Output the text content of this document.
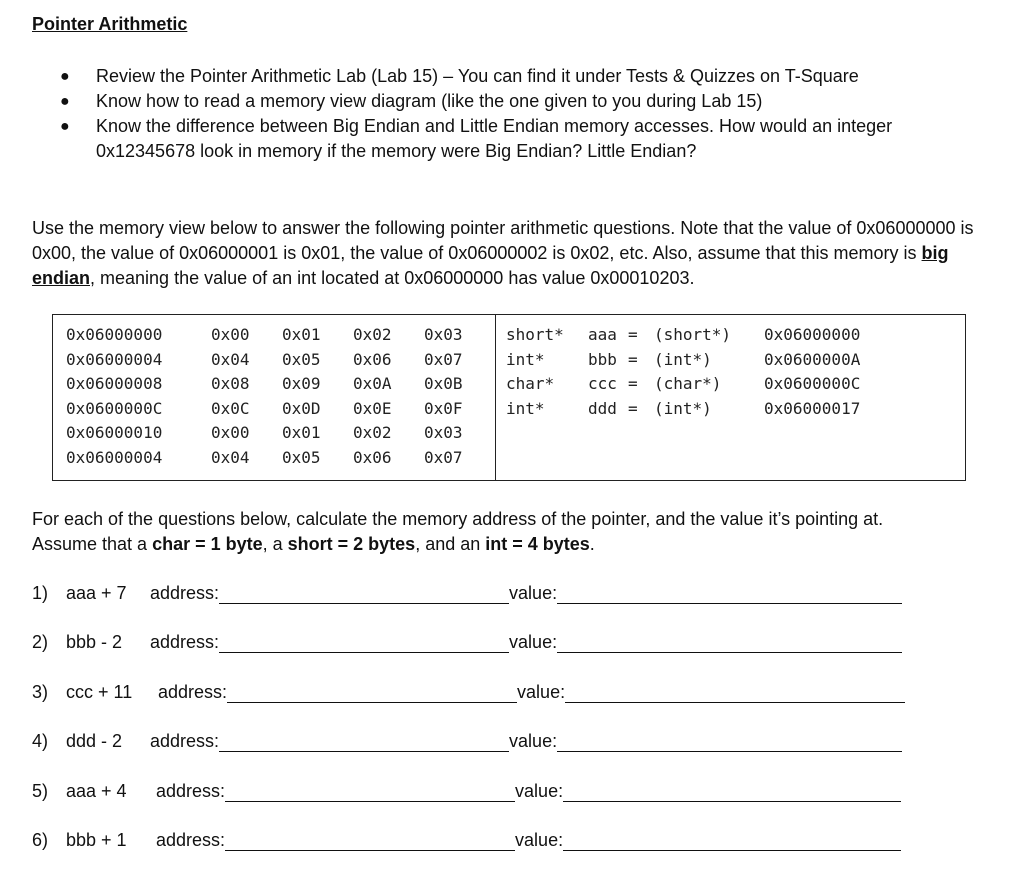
Pointer Arithmetic
●	Review the Pointer Arithmetic Lab (Lab 15) – You can find it under Tests & Quizzes on T-Square
●	Know how to read a memory view diagram (like the one given to you during Lab 15)
●	Know the difference between Big Endian and Little Endian memory accesses. How would an integer 0x12345678 look in memory if the memory were Big Endian? Little Endian?
Use the memory view below to answer the following pointer arithmetic questions. Note that the value of 0x06000000 is 0x00, the value of 0x06000001 is 0x01, the value of 0x06000002 is 0x02, etc. Also, assume that this memory is big endian, meaning the value of an int located at 0x06000000 has value 0x00010203.
0x06000000	0x00 0x01 0x02 0x03
0x06000004	0x04 0x05 0x06 0x07
0x06000008	0x08 0x09 0x0A 0x0B
0x0600000C	0x0C 0x0D 0x0E 0x0F
0x06000010	0x00 0x01 0x02 0x03
0x06000004	0x04 0x05 0x06 0x07
short* aaa = (short*) 0x06000000
int*	bbb = (int*)	0x0600000A
char* ccc = (char*)	0x0600000C
int*	ddd = (int*)	0x06000017
For each of the questions below, calculate the memory address of the pointer, and the value it’s pointing at.
Assume that a char = 1 byte, a short = 2 bytes, and an int = 4 bytes.
1) aaa + 7	address:	value:
2) bbb - 2	address:	value:
3) ccc + 11	address:	value:
4) ddd - 2	address:	value:
5) aaa + 4	address:	value:
6) bbb + 1	address:	value:
